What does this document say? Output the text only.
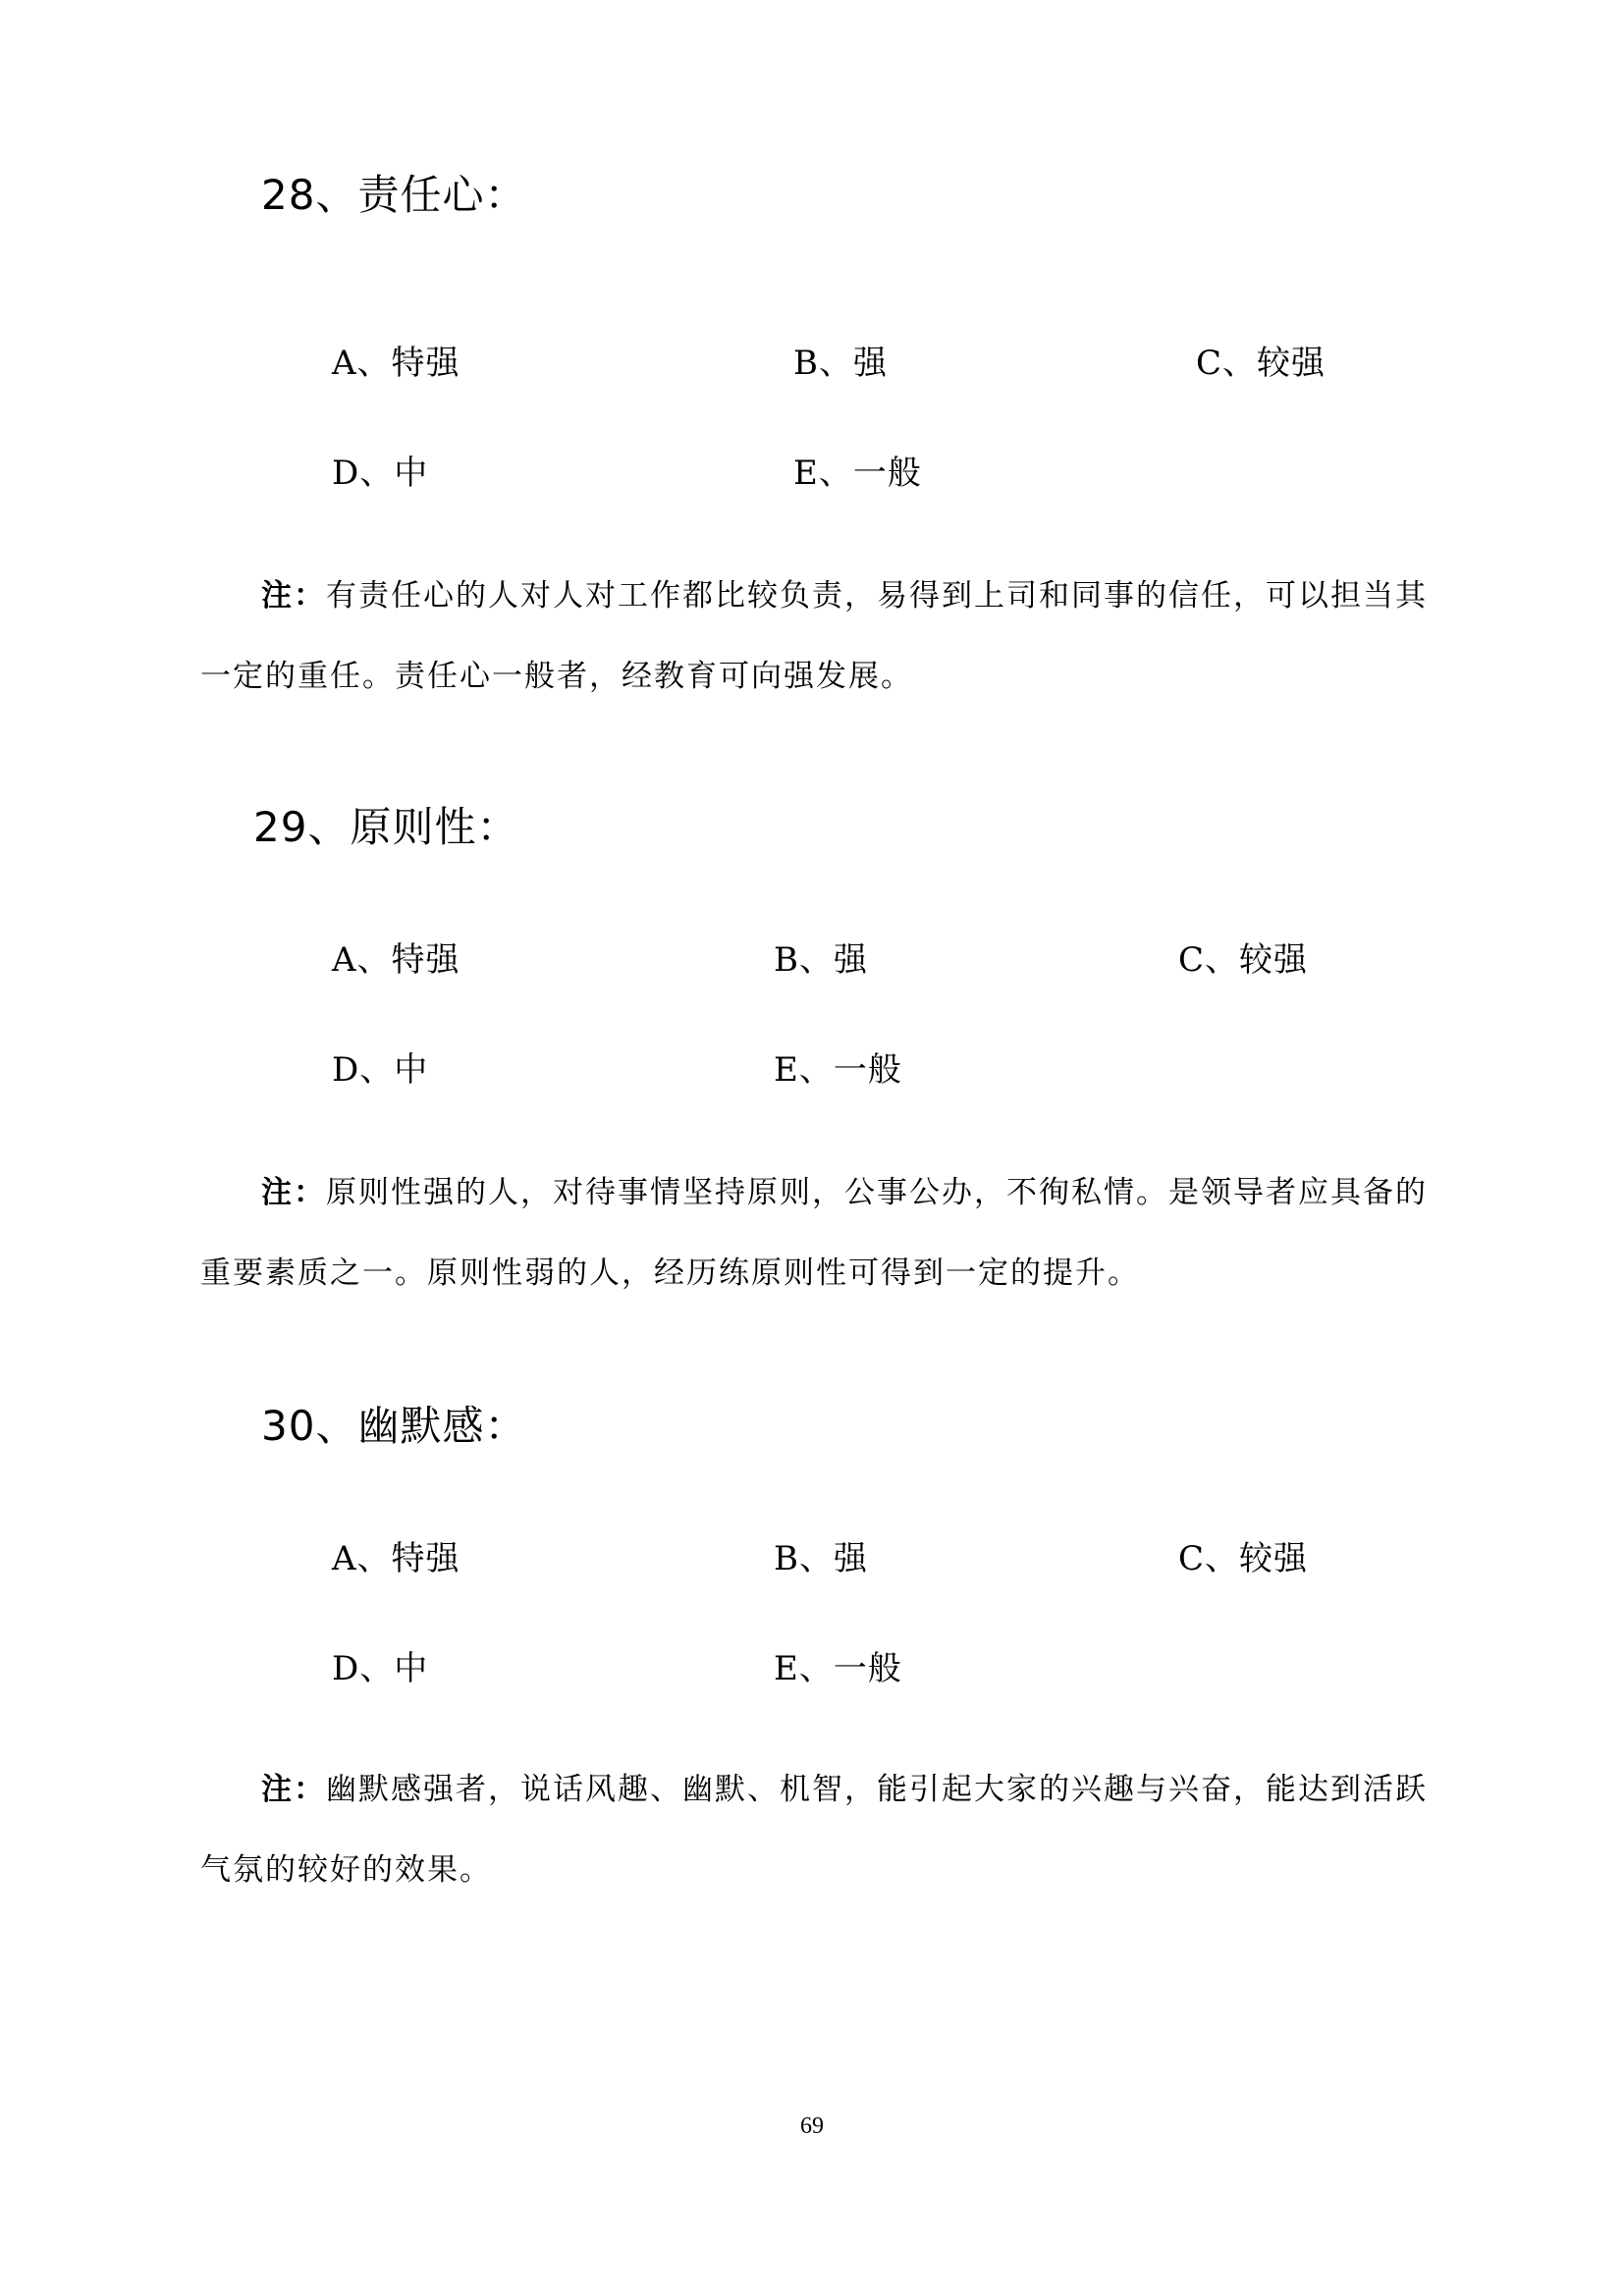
28、责任心：
A、特强	B、强	C、较强
D、中	E、一般
注：有责任心的人对人对工作都比较负责，易得到上司和同事的信任，可以担当其
一定的重任。责任心一般者，经教育可向强发展。
29、原则性：
A、特强	B、强	C、较强
D、中	E、一般
注：原则性强的人，对待事情坚持原则，公事公办，不徇私情。是领导者应具备的
重要素质之一。原则性弱的人，经历练原则性可得到一定的提升。
30、幽默感：
A、特强	B、强	C、较强
D、中	E、一般
注：幽默感强者，说话风趣、幽默、机智，能引起大家的兴趣与兴奋，能达到活跃
气氛的较好的效果。
69
